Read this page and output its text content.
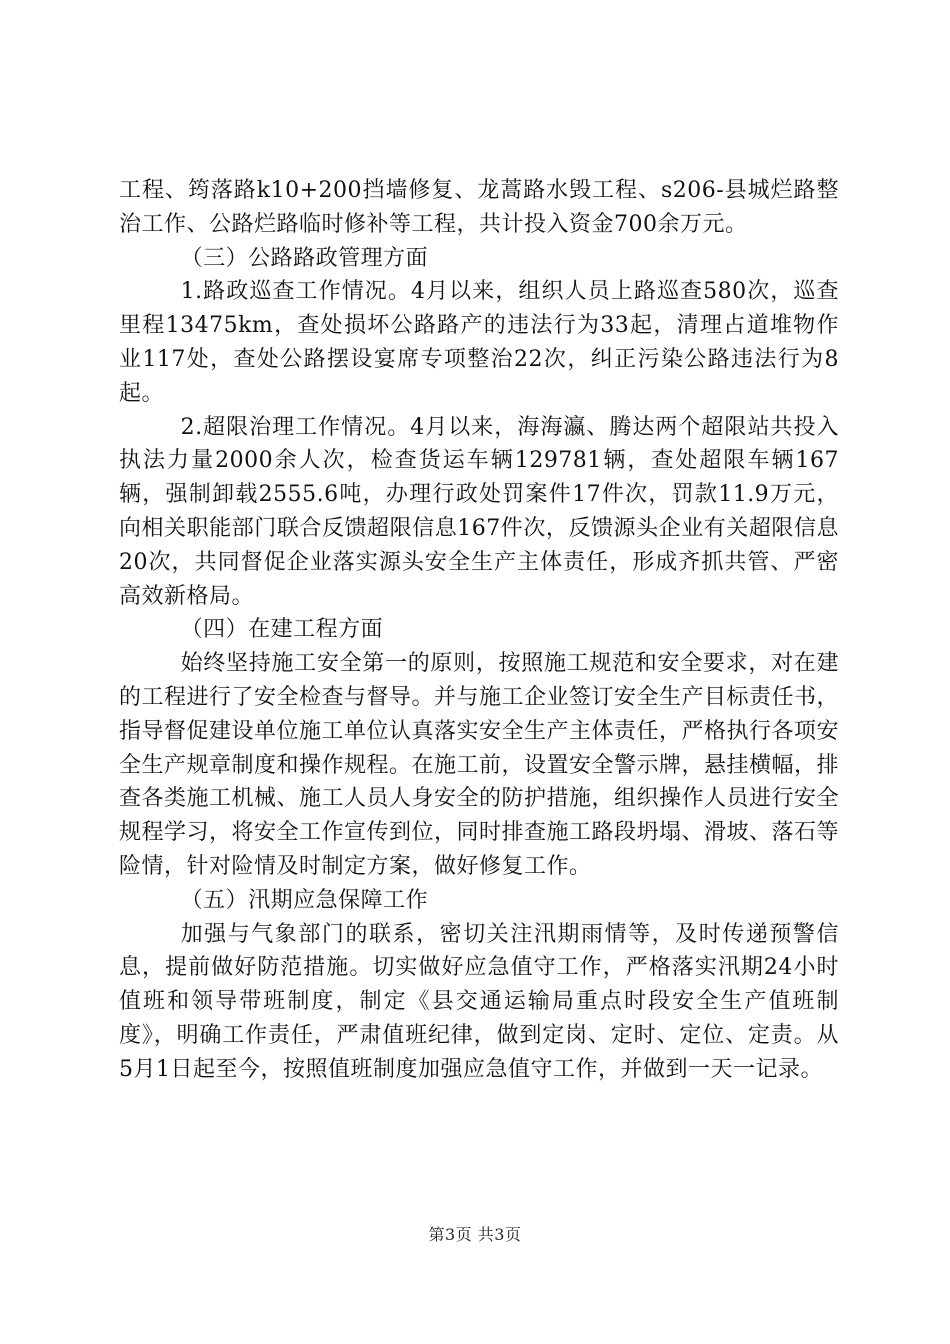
工程、筠落路k10+200挡墙修复、龙蒿路水毁工程、s206-县城烂路整治工作、公路烂路临时修补等工程，共计投入资金700余万元。

（三）公路路政管理方面

1.路政巡查工作情况。4月以来，组织人员上路巡查580次，巡查里程13475km，查处损坏公路路产的违法行为33起，清理占道堆物作业117处，查处公路摆设宴席专项整治22次，纠正污染公路违法行为8起。

2.超限治理工作情况。4月以来，海海瀛、腾达两个超限站共投入执法力量2000余人次，检查货运车辆129781辆，查处超限车辆167辆，强制卸载2555.6吨，办理行政处罚案件17件次，罚款11.9万元，向相关职能部门联合反馈超限信息167件次，反馈源头企业有关超限信息20次，共同督促企业落实源头安全生产主体责任，形成齐抓共管、严密高效新格局。

（四）在建工程方面

始终坚持施工安全第一的原则，按照施工规范和安全要求，对在建的工程进行了安全检查与督导。并与施工企业签订安全生产目标责任书，指导督促建设单位施工单位认真落实安全生产主体责任，严格执行各项安全生产规章制度和操作规程。在施工前，设置安全警示牌，悬挂横幅，排查各类施工机械、施工人员人身安全的防护措施，组织操作人员进行安全规程学习，将安全工作宣传到位，同时排查施工路段坍塌、滑坡、落石等险情，针对险情及时制定方案，做好修复工作。

（五）汛期应急保障工作

加强与气象部门的联系，密切关注汛期雨情等，及时传递预警信息，提前做好防范措施。切实做好应急值守工作，严格落实汛期24小时值班和领导带班制度，制定《县交通运输局重点时段安全生产值班制度》，明确工作责任，严肃值班纪律，做到定岗、定时、定位、定责。从5月1日起至今，按照值班制度加强应急值守工作，并做到一天一记录。

第3页 共3页
